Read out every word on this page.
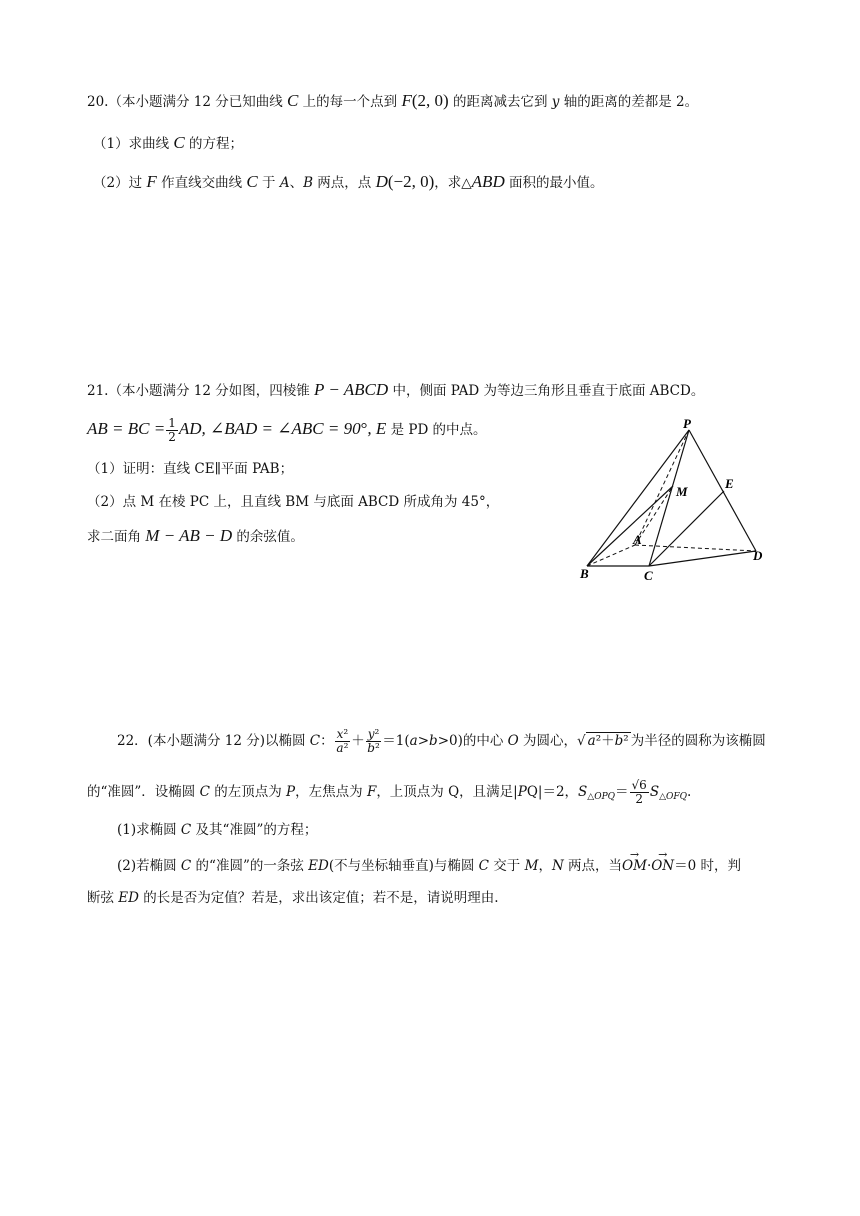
20.（本小题满分 12 分已知曲线 C 上的每一个点到 F(2, 0) 的距离减去它到 y 轴的距离的差都是 2。
（1）求曲线 C 的方程；
（2）过 F 作直线交曲线 C 于 A、B 两点，点 D(−2, 0)，求△ABD 面积的最小值。
21.（本小题满分 12 分如图，四棱锥 P − ABCD 中，侧面 PAD 为等边三角形且垂直于底面 ABCD。
AB = BC = $\frac{1}{2}$ AD, ∠BAD = ∠ABC = 90°, E 是 PD 的中点。
（1）证明：直线 CE∥平面 PAB；
（2）点 M 在棱 PC 上，且直线 BM 与底面 ABCD 所成角为 45°，
求二面角 M − AB − D 的余弦值。
P
M
E
A
B	C
D
22．(本小题满分 12 分)以椭圆 C： $\frac{\text{x²}}{\text{a²}} + \frac{\text{y²}}{\text{b²}} =1(a>b>0)$的中心 O 为圆心，√ a²＋b² 为半径的圆称为该椭圆
的“准圆”．设椭圆 C 的左顶点为 P，左焦点为 F，上顶点为 Q，且满足|PQ|＝2，$S_{\triangle OPQ}= \frac{√6}{2} S_{\triangle OFQ}$.
(1)求椭圆 C 及其“准圆”的方程；
(2)若椭圆 C 的“准圆”的一条弦 ED(不与坐标轴垂直)与椭圆 C 交于 M，N 两点，当→ OM·→ ON＝0 时，判
断弦 ED 的长是否为定值？若是，求出该定值；若不是，请说明理由.
